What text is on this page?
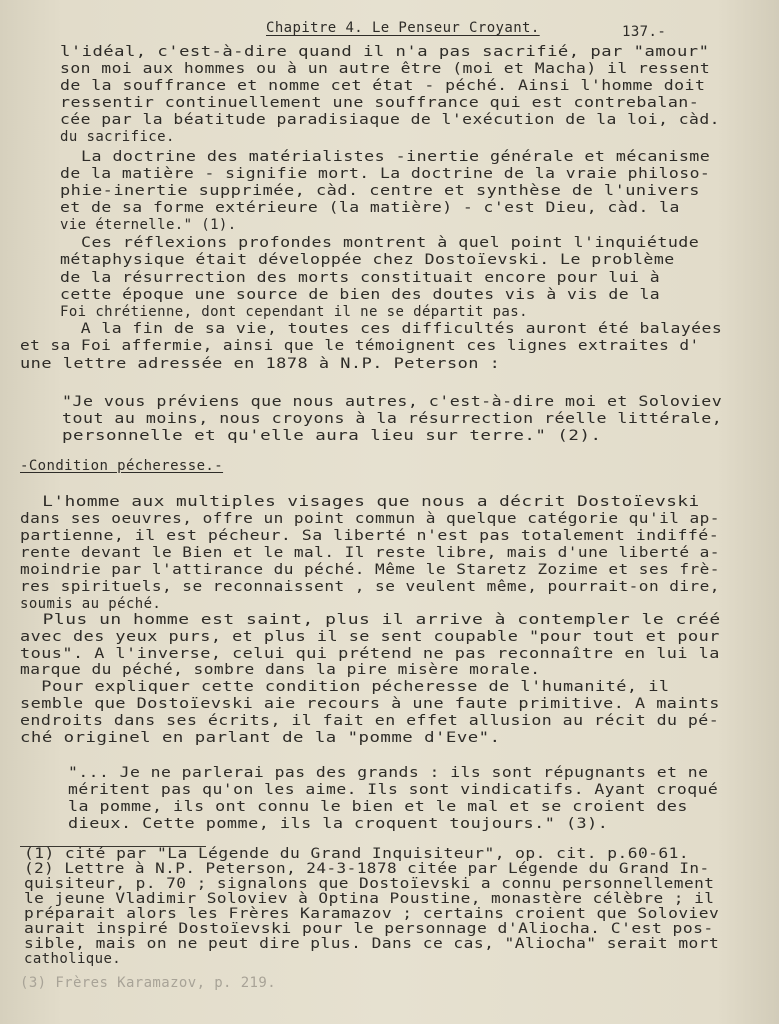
Chapitre 4. Le Penseur Croyant.	137.-
l'idéal, c'est-à-dire quand il n'a pas sacrifié, par "amour"
son moi aux hommes ou à un autre être (moi et Macha) il ressent
de la souffrance et nomme cet état - péché. Ainsi l'homme doit
ressentir continuellement une souffrance qui est contrebalan-
cée par la béatitude paradisiaque de l'exécution de la loi, càd.
du sacrifice.
La doctrine des matérialistes -inertie générale et mécanisme
de la matière - signifie mort. La doctrine de la vraie philoso-
phie-inertie supprimée, càd. centre et synthèse de l'univers
et de sa forme extérieure (la matière) - c'est Dieu, càd. la
vie éternelle." (1).
Ces réflexions profondes montrent à quel point l'inquiétude
métaphysique était développée chez Dostoïevski. Le problème
de la résurrection des morts constituait encore pour lui à
cette époque une source de bien des doutes vis à vis de la
Foi chrétienne, dont cependant il ne se départit pas.
A la fin de sa vie, toutes ces difficultés auront été balayées
et sa Foi affermie, ainsi que le témoignent ces lignes extraites d'
une lettre adressée en 1878 à N.P. Peterson :
"Je vous préviens que nous autres, c'est-à-dire moi et Soloviev
tout au moins, nous croyons à la résurrection réelle littérale,
personnelle et qu'elle aura lieu sur terre." (2).
-Condition pécheresse.-
L'homme aux multiples visages que nous a décrit Dostoïevski
dans ses oeuvres, offre un point commun à quelque catégorie qu'il ap-
partienne, il est pécheur. Sa liberté n'est pas totalement indiffé-
rente devant le Bien et le mal. Il reste libre, mais d'une liberté a-
moindrie par l'attirance du péché. Même le Staretz Zozime et ses frè-
res spirituels, se reconnaissent , se veulent même, pourrait-on dire,
soumis au péché.
Plus un homme est saint, plus il arrive à contempler le créé
avec des yeux purs, et plus il se sent coupable "pour tout et pour
tous". A l'inverse, celui qui prétend ne pas reconnaître en lui la
marque du péché, sombre dans la pire misère morale.
Pour expliquer cette condition pécheresse de l'humanité, il
semble que Dostoïevski aie recours à une faute primitive. A maints
endroits dans ses écrits, il fait en effet allusion au récit du pé-
ché originel en parlant de la "pomme d'Eve".
"... Je ne parlerai pas des grands : ils sont répugnants et ne
méritent pas qu'on les aime. Ils sont vindicatifs. Ayant croqué
la pomme, ils ont connu le bien et le mal et se croient des
dieux. Cette pomme, ils la croquent toujours." (3).
(1) cité par "La Légende du Grand Inquisiteur", op. cit. p.60-61.
(2) Lettre à N.P. Peterson, 24-3-1878 citée par Légende du Grand In-
quisiteur, p. 70 ; signalons que Dostoïevski a connu personnellement
le jeune Vladimir Soloviev à Optina Poustine, monastère célèbre ; il
préparait alors les Frères Karamazov ; certains croient que Soloviev
aurait inspiré Dostoïevski pour le personnage d'Aliocha. C'est pos-
sible, mais on ne peut dire plus. Dans ce cas, "Aliocha" serait mort
catholique.
(3) Frères Karamazov, p. 219.
